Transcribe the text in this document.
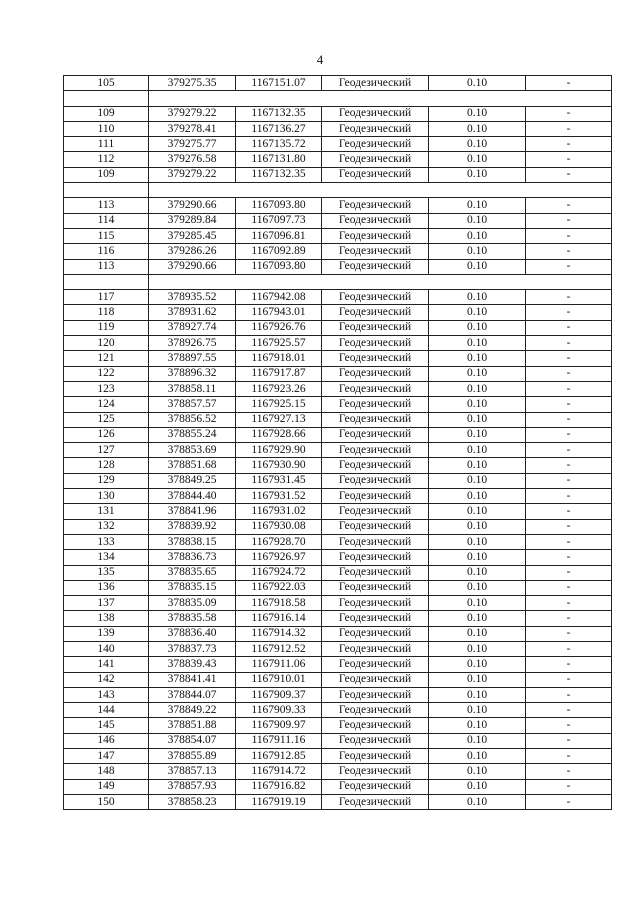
4
105	379275.35	1167151.07	Геодезический	0.10	-

109	379279.22	1167132.35	Геодезический	0.10	-
110	379278.41	1167136.27	Геодезический	0.10	-
111	379275.77	1167135.72	Геодезический	0.10	-
112	379276.58	1167131.80	Геодезический	0.10	-
109	379279.22	1167132.35	Геодезический	0.10	-

113	379290.66	1167093.80	Геодезический	0.10	-
114	379289.84	1167097.73	Геодезический	0.10	-
115	379285.45	1167096.81	Геодезический	0.10	-
116	379286.26	1167092.89	Геодезический	0.10	-
113	379290.66	1167093.80	Геодезический	0.10	-

117	378935.52	1167942.08	Геодезический	0.10	-
118	378931.62	1167943.01	Геодезический	0.10	-
119	378927.74	1167926.76	Геодезический	0.10	-
120	378926.75	1167925.57	Геодезический	0.10	-
121	378897.55	1167918.01	Геодезический	0.10	-
122	378896.32	1167917.87	Геодезический	0.10	-
123	378858.11	1167923.26	Геодезический	0.10	-
124	378857.57	1167925.15	Геодезический	0.10	-
125	378856.52	1167927.13	Геодезический	0.10	-
126	378855.24	1167928.66	Геодезический	0.10	-
127	378853.69	1167929.90	Геодезический	0.10	-
128	378851.68	1167930.90	Геодезический	0.10	-
129	378849.25	1167931.45	Геодезический	0.10	-
130	378844.40	1167931.52	Геодезический	0.10	-
131	378841.96	1167931.02	Геодезический	0.10	-
132	378839.92	1167930.08	Геодезический	0.10	-
133	378838.15	1167928.70	Геодезический	0.10	-
134	378836.73	1167926.97	Геодезический	0.10	-
135	378835.65	1167924.72	Геодезический	0.10	-
136	378835.15	1167922.03	Геодезический	0.10	-
137	378835.09	1167918.58	Геодезический	0.10	-
138	378835.58	1167916.14	Геодезический	0.10	-
139	378836.40	1167914.32	Геодезический	0.10	-
140	378837.73	1167912.52	Геодезический	0.10	-
141	378839.43	1167911.06	Геодезический	0.10	-
142	378841.41	1167910.01	Геодезический	0.10	-
143	378844.07	1167909.37	Геодезический	0.10	-
144	378849.22	1167909.33	Геодезический	0.10	-
145	378851.88	1167909.97	Геодезический	0.10	-
146	378854.07	1167911.16	Геодезический	0.10	-
147	378855.89	1167912.85	Геодезический	0.10	-
148	378857.13	1167914.72	Геодезический	0.10	-
149	378857.93	1167916.82	Геодезический	0.10	-
150	378858.23	1167919.19	Геодезический	0.10	-
